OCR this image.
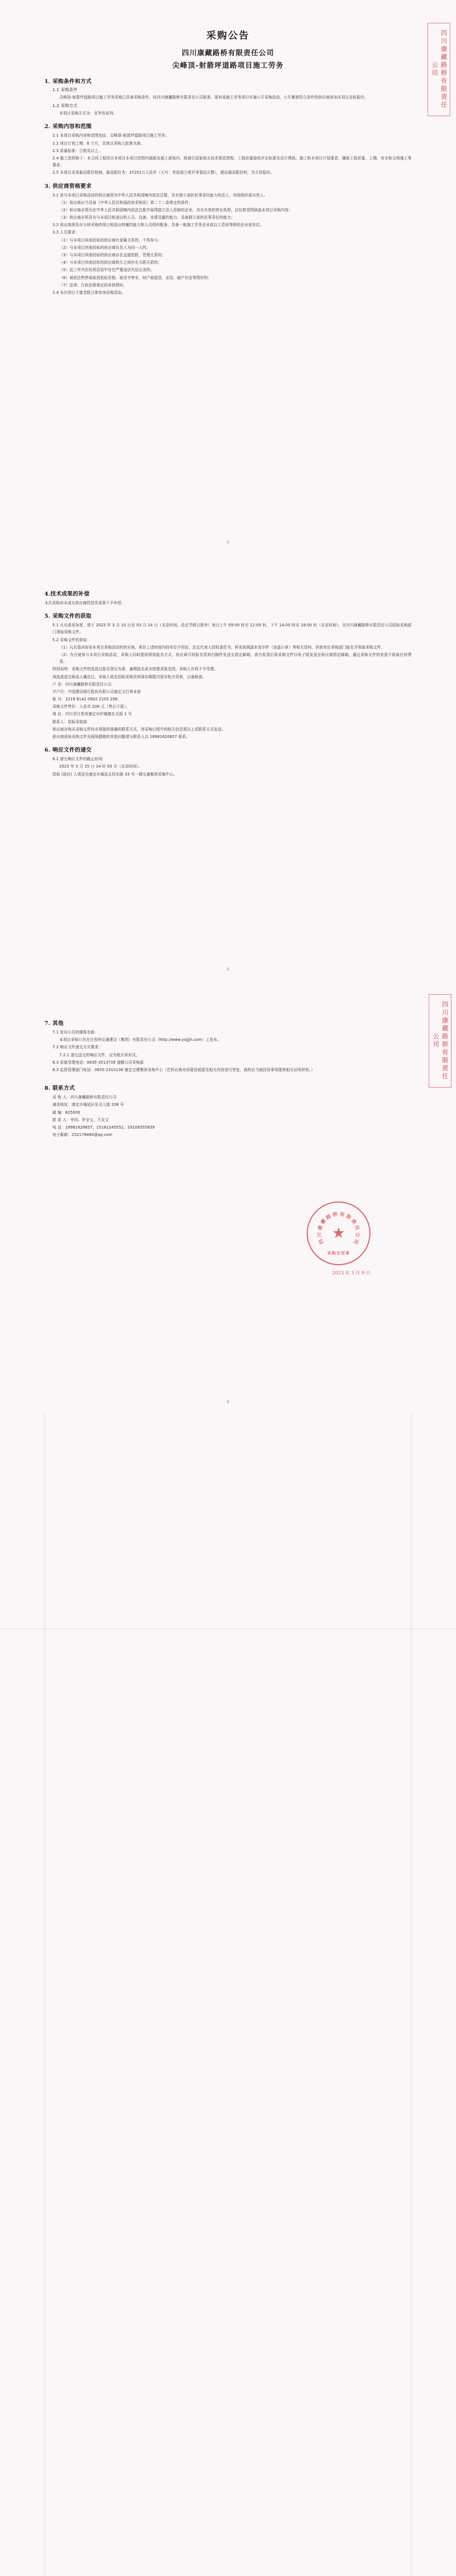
采购公告
四川康藏路桥有限责任公司
尖峰顶-射箭坪道路项目施工劳务
1. 采购条件和方式
1.1 采购条件

尖峰顶-射箭坪道路项目施工劳务采购已具备采购条件，经四川康藏路桥有限责任公司批准，现对该施工劳务项目实施公开采购活动，公开邀请符合条件的供应商参加本项目竞标报价。

1.2 采购方式

本项目采购方式为：竞争性谈判。

2. 采购内容和范围

2.1 本项目采购内容和范围包括：尖峰顶-射箭坪道路项目施工劳务。

2.2 项目计划工期：6 个月，具体以采购人批准为准。

2.3 质量标准：合格及以上。

2.4 施工范围和下：本合同工程项目本项目本项目范围内道路及施工现场内，按现行国家相关技术规范规程、工程质量验收评定标准及设计图纸、施工和本项目计划要求，确保工程质量、工期、安全和文明施工等要求。

2.5 本项目采用最高限价控制，最高限价为：37201万人民币（大写：叁拾柒万贰仟零壹佰元整），超出最高限价的，为无效报价。

3. 供应商资格要求

3.1 参与本项目采购活动的供应商须为中华人民共和国境内依法注册，具有独立承担民事责任能力的法人、其他组织或自然人。

（1）供应商应当具备《中华人民共和国政府采购法》第二十二条规定的条件；

（2）供应商必须为在中华人民共和国境内依法注册并取得独立法人资格的企业，具有有效的营业执照，且经营范围涵盖本项目采购内容；

（3）供应商必须具有与本项目相适应的人员、设备、业绩及履约能力，具备独立承担民事责任的能力；

3.2 供应商须具有与所采购的项目相适应的履约能力和人员组织配备，具备一般施工劳务企业或以上资质等级的企业或单位。

3.3 人员要求：

（1）与本项目其他投标的供应商有隶属关系的，不得参与；

（2）与本项目其他投标的供应商负责人为同一人的；

（3）与本项目其他投标的供应商存在直接控股、管理关系的；

（4）与本项目其他投标的供应商相互之间存在关联关系的；

（5）近三年内在经营活动中存在严重违法失信记录的；

（6）被依法暂停或取消投标资格、被责令停业、财产被接管、冻结、破产状态等情形的；

（7）法律、行政法规规定的其他情形。

3.4 本次项目不接受联合体参加采购活动。

1
四川康藏路桥有限责任公司
4.技术成果的补偿

本次采购对本成交供应商的技术成果不予补偿。

5. 采购文件的获取

5.1 凡有意参加者，请于 2023 年 3 月 10 日至 03 月 14 日（北京时间，法定节假日除外）每日上午 09:00 时至 12:00 时，下午 14:00 时至 18:00 时（北京时间），在四川康藏路桥有限责任公司招标采购部门领取采购文件。

5.2 采购文件的获取：

（1）凡有意向参加本项目采购活动的供应商，须在上述时间内持单位介绍信、法定代表人授权委托书、营业执照副本复印件（加盖公章）等相关资料，到我单位采购部门报名并领取采购文件。

（2）为方便参与本项目采购活动，采购人同时提供网络报名方式，供应商可将报名资料扫描件发送至指定邮箱，我方收到后将采购文件以电子版发送至供应商指定邮箱，通过采购文件的发放不收取任何费用。

特别说明：采购文件的发放以报名登记为准，逾期报名或未按要求报名的，采购人有权不予受理。

预选或成交候选人确定后，采购人将在招标采购资料保存期限内留存相关资料，以备核查。

户 名：四川康藏路桥有限责任公司

开户行：中国建设银行股份有限公司康定支行营业部

账 号：2219 6142 0902 2105 258.

采购文件售价：人民币 200 元（售后不退）。

地 址：四川省甘孜州康定市炉城镇东关街 1 号

联系人：招标采购部

供应商在购买采购文件时必须提供准确的联系方式，因采购过程中的相关信息将以上述联系方式发送。

供应商获取采购文件及现场踏勘的其他问题请与联系人以 18981620857 联系。

6. 响应文件的递交

6.1 递交响应文件的截止时间：

2023 年 3 月 15 日 14 时 00 分（北京时间）。

投标 (报价) 人请送至康定市城延北段东路 33 号一楼交通集团采购中心。

2
7. 其他

7.1 发布公告的媒体名称：

本项目采购公告在甘孜州交通建设（集团）有限责任公司（http://www.yajjjh.com）上发布。

7.2 响应文件递交方式要求：

7.2.1 递交送交的响应文件，应为纸介质形式。

6.3 质疑受理电话：0835-3513739 递解公司采购部

6.3 监督管理部门电话：0835-2310136 康定交建集团采购中心（若供应商对质疑信被提及相关内容进行答复，我的应当就投诉事项提供相关证明材料。）

8. 联系方式

采 购 人：四川康藏路桥有限责任公司

通讯地址：康定市城延区东关大道 208 号

邮 编：625000

联 系 人：李四、罗全文、王友文

电 话：18981628857、15181245552、19108355839

电子邮箱：252176480@qq.com

3
四川康藏路桥有限责任公司
四
川
康
藏
路 桥 有 限
责
任
公
司
★
采购专用章
2023 年 3 月 9 日
